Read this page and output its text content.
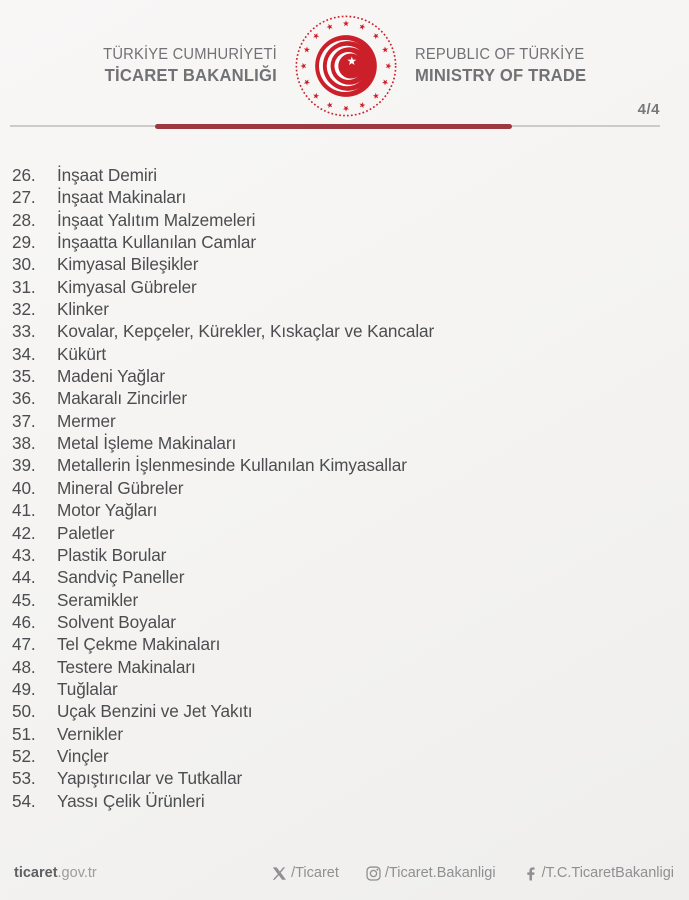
TÜRKİYE CUMHURİYETİ
TİCARET BAKANLIĞI
REPUBLIC OF TÜRKİYE
MINISTRY OF TRADE
4/4
26.	İnşaat Demiri
27.	İnşaat Makinaları
28.	İnşaat Yalıtım Malzemeleri
29.	İnşaatta Kullanılan Camlar
30.	Kimyasal Bileşikler
31.	Kimyasal Gübreler
32.	Klinker
33.	Kovalar, Kepçeler, Kürekler, Kıskaçlar ve Kancalar
34.	Kükürt
35.	Madeni Yağlar
36.	Makaralı Zincirler
37.	Mermer
38.	Metal İşleme Makinaları
39.	Metallerin İşlenmesinde Kullanılan Kimyasallar
40.	Mineral Gübreler
41.	Motor Yağları
42.	Paletler
43.	Plastik Borular
44.	Sandviç Paneller
45.	Seramikler
46.	Solvent Boyalar
47.	Tel Çekme Makinaları
48.	Testere Makinaları
49.	Tuğlalar
50.	Uçak Benzini ve Jet Yakıtı
51.	Vernikler
52.	Vinçler
53.	Yapıştırıcılar ve Tutkallar
54.	Yassı Çelik Ürünleri
ticaret.gov.tr	/Ticaret	/Ticaret.Bakanligi	/T.C.TicaretBakanligi
